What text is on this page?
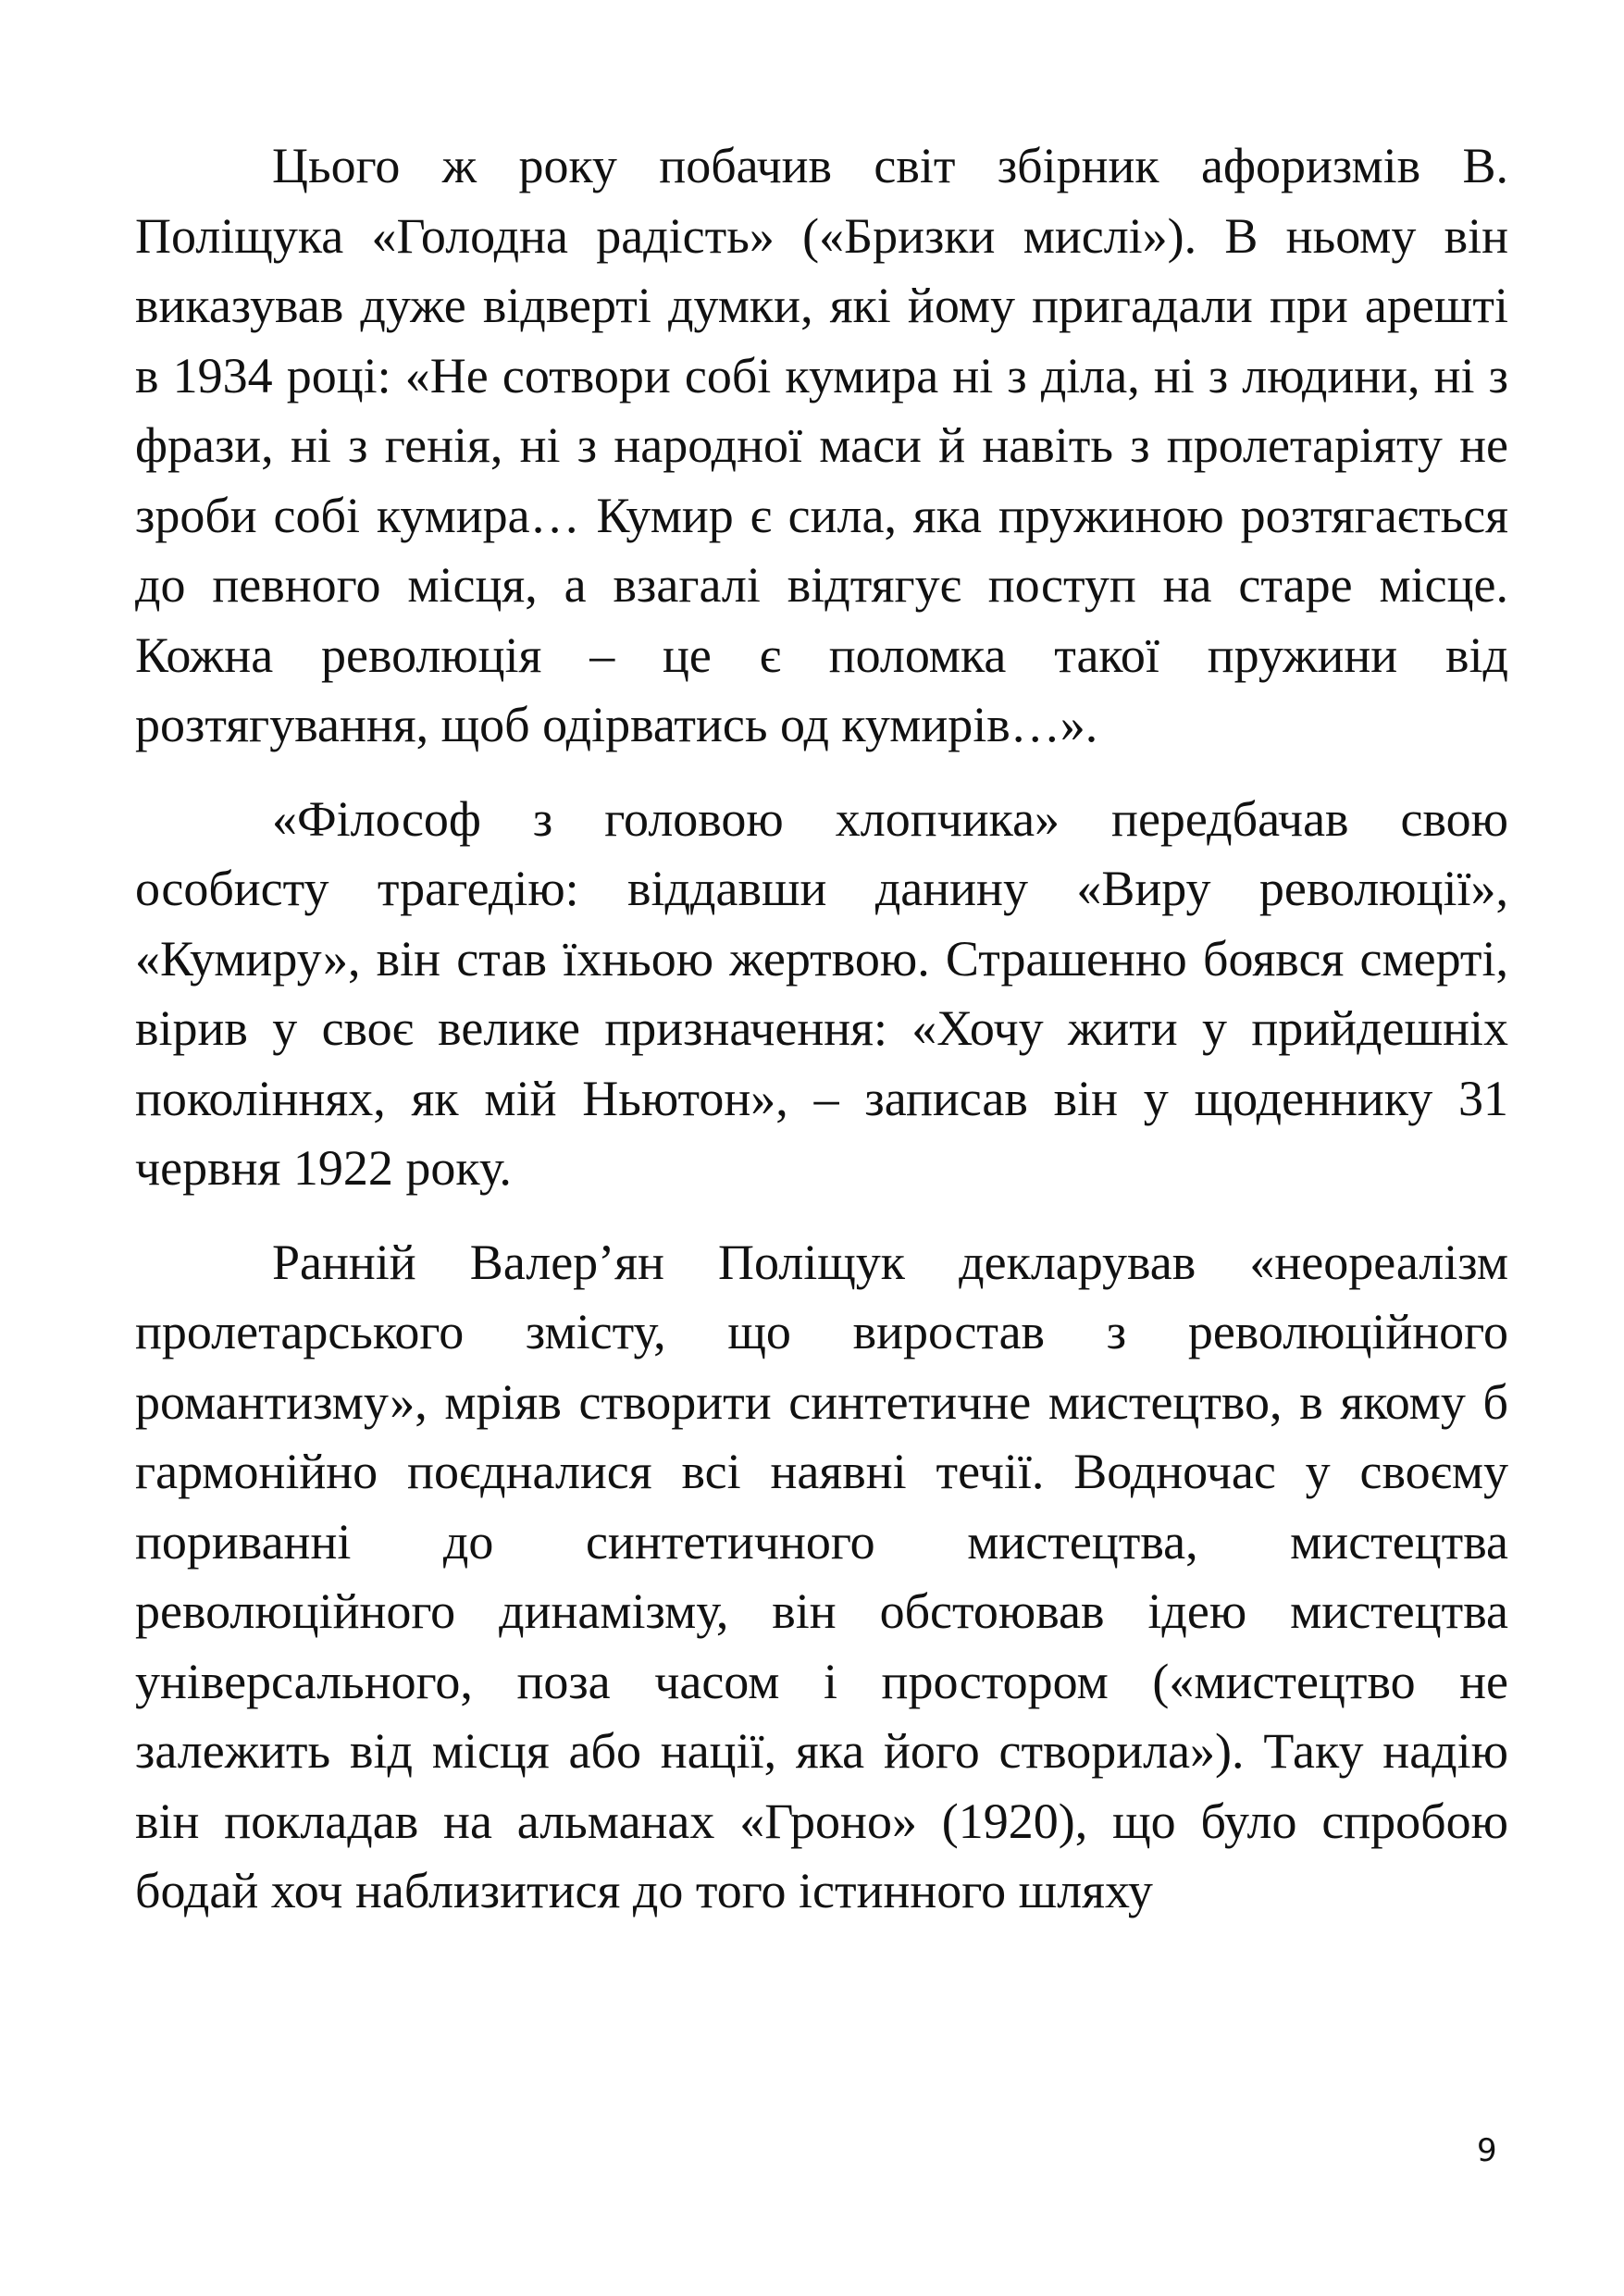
Цього ж року побачив світ збірник афоризмів В. Поліщука «Голодна радість» («Бризки мислі»). В ньому він виказував дуже відверті думки, які йому пригадали при арешті в 1934 році: «Не сотвори собі кумира ні з діла, ні з людини, ні з фрази, ні з генія, ні з народної маси й навіть з пролетаріяту не зроби собі кумира… Кумир є сила, яка пружиною розтягається до певного місця, а взагалі відтягує поступ на старе місце. Кожна революція – це є поломка такої пружини від розтягування, щоб одірватись од кумирів…».

«Філософ з головою хлопчика» передбачав свою особисту трагедію: віддавши данину «Виру революції», «Кумиру», він став їхньою жертвою. Страшенно боявся смерті, вірив у своє велике призначення: «Хочу жити у прийдешніх поколіннях, як мій Ньютон», – записав він у щоденнику 31 червня 1922 року.

Ранній Валер’ян Поліщук декларував «неореалізм пролетарського змісту, що виростав з революційного романтизму», мріяв створити синтетичне мистецтво, в якому б гармонійно поєдналися всі наявні течії. Водночас у своєму пориванні до синтетичного мистецтва, мистецтва революційного динамізму, він обстоював ідею мистецтва універсального, поза часом і простором («мистецтво не залежить від місця або нації, яка його створила»). Таку надію він покладав на альманах «Гроно» (1920), що було спробою бодай хоч наблизитися до того істинного шляху

9
